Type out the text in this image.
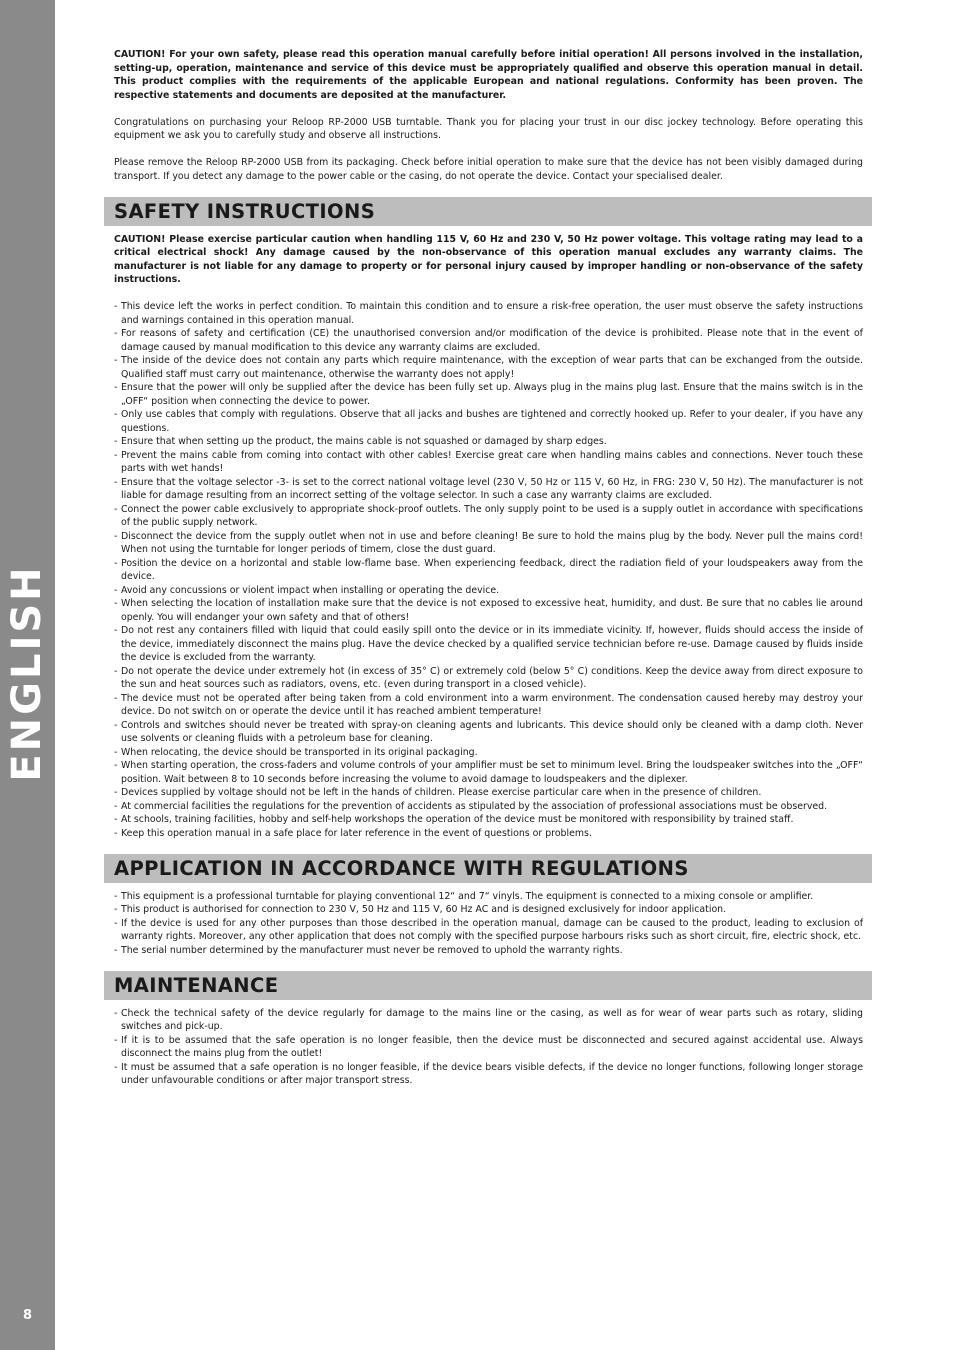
ENGLISH
8

CAUTION! For your own safety, please read this operation manual carefully before initial operation! All persons involved in the installation, setting-up, operation, maintenance and service of this device must be appropriately qualified and observe this operation manual in detail. This product complies with the requirements of the applicable European and national regulations. Conformity has been proven. The respective statements and documents are deposited at the manufacturer.

Congratulations on purchasing your Reloop RP-2000 USB turntable. Thank you for placing your trust in our disc jockey technology. Before operating this equipment we ask you to carefully study and observe all instructions.

Please remove the Reloop RP-2000 USB from its packaging. Check before initial operation to make sure that the device has not been visibly damaged during transport. If you detect any damage to the power cable or the casing, do not operate the device. Contact your specialised dealer.

SAFETY INSTRUCTIONS

CAUTION! Please exercise particular caution when handling 115 V, 60 Hz and 230 V, 50 Hz power voltage. This voltage rating may lead to a critical electrical shock! Any damage caused by the non-observance of this operation manual excludes any warranty claims. The manufacturer is not liable for any damage to property or for personal injury caused by improper handling or non-observance of the safety instructions.

- This device left the works in perfect condition. To maintain this condition and to ensure a risk-free operation, the user must observe the safety instructions and warnings contained in this operation manual.
- For reasons of safety and certification (CE) the unauthorised conversion and/or modification of the device is prohibited. Please note that in the event of damage caused by manual modification to this device any warranty claims are excluded.
- The inside of the device does not contain any parts which require maintenance, with the exception of wear parts that can be exchanged from the outside. Qualified staff must carry out maintenance, otherwise the warranty does not apply!
- Ensure that the power will only be supplied after the device has been fully set up. Always plug in the mains plug last. Ensure that the mains switch is in the „OFF“ position when connecting the device to power.
- Only use cables that comply with regulations. Observe that all jacks and bushes are tightened and correctly hooked up. Refer to your dealer, if you have any questions.
- Ensure that when setting up the product, the mains cable is not squashed or damaged by sharp edges.
- Prevent the mains cable from coming into contact with other cables! Exercise great care when handling mains cables and connections. Never touch these parts with wet hands!
- Ensure that the voltage selector -3- is set to the correct national voltage level (230 V, 50 Hz or 115 V, 60 Hz, in FRG: 230 V, 50 Hz). The manufacturer is not liable for damage resulting from an incorrect setting of the voltage selector. In such a case any warranty claims are excluded.
- Connect the power cable exclusively to appropriate shock-proof outlets. The only supply point to be used is a supply outlet in accordance with specifications of the public supply network.
- Disconnect the device from the supply outlet when not in use and before cleaning! Be sure to hold the mains plug by the body. Never pull the mains cord! When not using the turntable for longer periods of timem, close the dust guard.
- Position the device on a horizontal and stable low-flame base. When experiencing feedback, direct the radiation field of your loudspeakers away from the device.
- Avoid any concussions or violent impact when installing or operating the device.
- When selecting the location of installation make sure that the device is not exposed to excessive heat, humidity, and dust. Be sure that no cables lie around openly. You will endanger your own safety and that of others!
- Do not rest any containers filled with liquid that could easily spill onto the device or in its immediate vicinity. If, however, fluids should access the inside of the device, immediately disconnect the mains plug. Have the device checked by a qualified service technician before re-use. Damage caused by fluids inside the device is excluded from the warranty.
- Do not operate the device under extremely hot (in excess of 35° C) or extremely cold (below 5° C) conditions. Keep the device away from direct exposure to the sun and heat sources such as radiators, ovens, etc. (even during transport in a closed vehicle).
- The device must not be operated after being taken from a cold environment into a warm environment. The condensation caused hereby may destroy your device. Do not switch on or operate the device until it has reached ambient temperature!
- Controls and switches should never be treated with spray-on cleaning agents and lubricants. This device should only be cleaned with a damp cloth. Never use solvents or cleaning fluids with a petroleum base for cleaning.
- When relocating, the device should be transported in its original packaging.
- When starting operation, the cross-faders and volume controls of your amplifier must be set to minimum level. Bring the loudspeaker switches into the „OFF“ position. Wait between 8 to 10 seconds before increasing the volume to avoid damage to loudspeakers and the diplexer.
- Devices supplied by voltage should not be left in the hands of children. Please exercise particular care when in the presence of children.
- At commercial facilities the regulations for the prevention of accidents as stipulated by the association of professional associations must be observed.
- At schools, training facilities, hobby and self-help workshops the operation of the device must be monitored with responsibility by trained staff.
- Keep this operation manual in a safe place for later reference in the event of questions or problems.
APPLICATION IN ACCORDANCE WITH REGULATIONS
- This equipment is a professional turntable for playing conventional 12“ and 7“ vinyls. The equipment is connected to a mixing console or amplifier.
- This product is authorised for connection to 230 V, 50 Hz and 115 V, 60 Hz AC and is designed exclusively for indoor application.
- If the device is used for any other purposes than those described in the operation manual, damage can be caused to the product, leading to exclusion of warranty rights. Moreover, any other application that does not comply with the specified purpose harbours risks such as short circuit, fire, electric shock, etc.
- The serial number determined by the manufacturer must never be removed to uphold the warranty rights.
MAINTENANCE
- Check the technical safety of the device regularly for damage to the mains line or the casing, as well as for wear of wear parts such as rotary, sliding switches and pick-up.
- If it is to be assumed that the safe operation is no longer feasible, then the device must be disconnected and secured against accidental use. Always disconnect the mains plug from the outlet!
- It must be assumed that a safe operation is no longer feasible, if the device bears visible defects, if the device no longer functions, following longer storage under unfavourable conditions or after major transport stress.
